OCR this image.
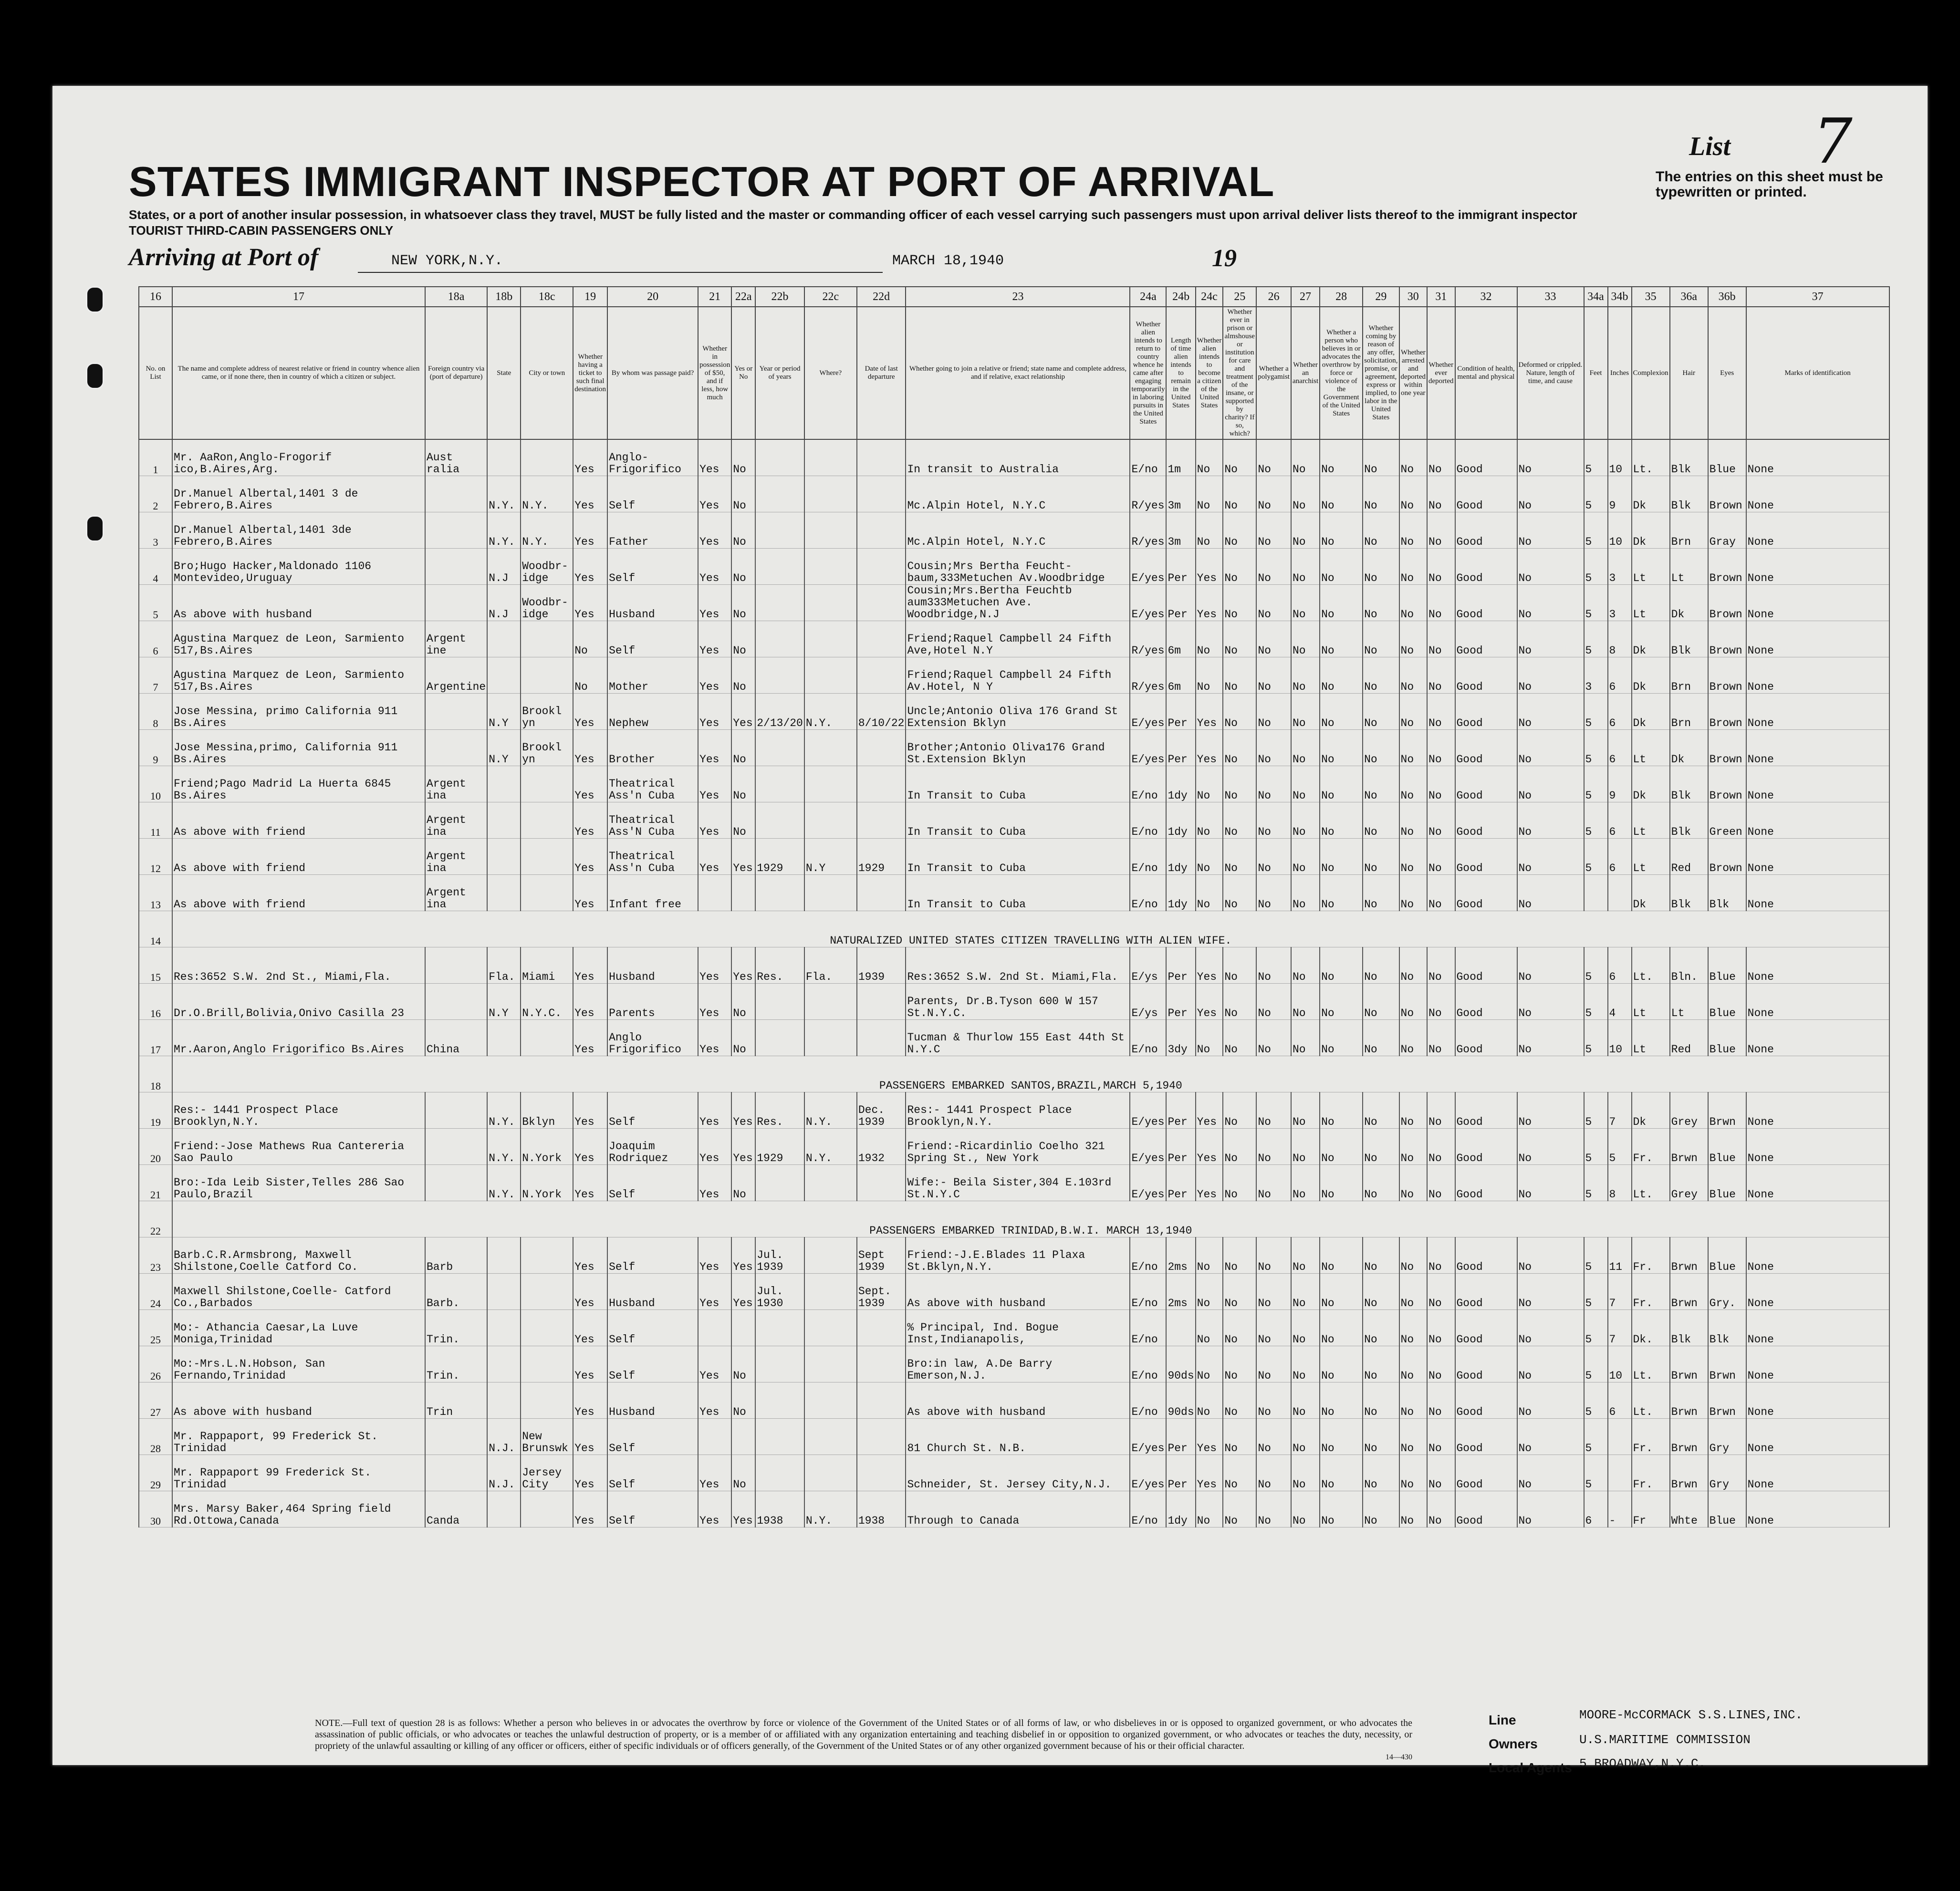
List 7
The entries on this sheet must be typewritten or printed.
STATES IMMIGRANT INSPECTOR AT PORT OF ARRIVAL
States, or a port of another insular possession, in whatsoever class they travel, MUST be fully listed and the master or commanding officer of each vessel carrying such passengers must upon arrival deliver lists thereof to the immigrant inspector
TOURIST THIRD-CABIN PASSENGERS ONLY
Arriving at Port of	NEW YORK,N.Y.	MARCH 18,1940	19
16	17	18a	18b	18c	19	20	21	22a	22b	22c	22d	23	24a	24b	24c	25	26	27	28	29	30	31	32	33	34a	34b	35	36a	36b	37
No. on List	The name and complete address of nearest relative or friend in country whence alien came, or if none there, then in country of which a citizen or subject.	Foreign country via (port of departure)	State	City or town	Whether having a ticket to such final destination	By whom was passage paid?	Whether in possession of $50, and if less, how much	Yes or No	Year or period of years	Where?	Date of last departure	Whether going to join a relative or friend; state name and complete address, and if relative, exact relationship	Whether alien intends to return to country whence he came after engaging temporarily in laboring pursuits in the United States	Length of time alien intends to remain in the United States	Whether alien intends to become a citizen of the United States	Whether ever in prison or almshouse or institution for care and treatment of the insane, or supported by charity? If so, which?	Whether a polygamist	Whether an anarchist	Whether a person who believes in or advocates the overthrow by force or violence of the Government of the United States	Whether coming by reason of any offer, solicitation, promise, or agreement, express or implied, to labor in the United States	Whether arrested and deported within one year	Whether ever deported	Condition of health, mental and physical	Deformed or crippled. Nature, length of time, and cause	Feet	Inches	Complexion	Hair	Eyes	Marks of identification
1	Mr. AaRon,Anglo-Frogorif ico,B.Aires,Arg.	Aust ralia			Yes	Anglo- Frigorifico	Yes	No				In transit to Australia	E/no	1m	No	No	No	No	No	No	No	No	Good	No	5	10	Lt.	Blk	Blue	None
2	Dr.Manuel Albertal,1401 3 de Febrero,B.Aires		N.Y.	N.Y.	Yes	Self	Yes	No				Mc.Alpin Hotel, N.Y.C	R/yes	3m	No	No	No	No	No	No	No	No	Good	No	5	9	Dk	Blk	Brown	None
3	Dr.Manuel Albertal,1401 3de Febrero,B.Aires		N.Y.	N.Y.	Yes	Father	Yes	No				Mc.Alpin Hotel, N.Y.C	R/yes	3m	No	No	No	No	No	No	No	No	Good	No	5	10	Dk	Brn	Gray	None
4	Bro;Hugo Hacker,Maldonado 1106 Montevideo,Uruguay		N.J	Woodbr- idge	Yes	Self	Yes	No				Cousin;Mrs Bertha Feucht- baum,333Metuchen Av.Woodbridge	E/yes	Per	Yes	No	No	No	No	No	No	No	Good	No	5	3	Lt	Lt	Brown	None
5	As above with husband		N.J	Woodbr- idge	Yes	Husband	Yes	No				Cousin;Mrs.Bertha Feuchtb aum333Metuchen Ave. Woodbridge,N.J	E/yes	Per	Yes	No	No	No	No	No	No	No	Good	No	5	3	Lt	Dk	Brown	None
6	Agustina Marquez de Leon, Sarmiento 517,Bs.Aires	Argent ine			No	Self	Yes	No				Friend;Raquel Campbell 24 Fifth Ave,Hotel N.Y	R/yes	6m	No	No	No	No	No	No	No	No	Good	No	5	8	Dk	Blk	Brown	None
7	Agustina Marquez de Leon, Sarmiento 517,Bs.Aires	Argentine			No	Mother	Yes	No				Friend;Raquel Campbell 24 Fifth Av.Hotel, N Y	R/yes	6m	No	No	No	No	No	No	No	No	Good	No	3	6	Dk	Brn	Brown	None
8	Jose Messina, primo California 911 Bs.Aires		N.Y	Brookl yn	Yes	Nephew	Yes	Yes	2/13/20	N.Y.	8/10/22	Uncle;Antonio Oliva 176 Grand St Extension Bklyn	E/yes	Per	Yes	No	No	No	No	No	No	No	Good	No	5	6	Dk	Brn	Brown	None
9	Jose Messina,primo, California 911 Bs.Aires		N.Y	Brookl yn	Yes	Brother	Yes	No				Brother;Antonio Oliva176 Grand St.Extension Bklyn	E/yes	Per	Yes	No	No	No	No	No	No	No	Good	No	5	6	Lt	Dk	Brown	None
10	Friend;Pago Madrid La Huerta 6845 Bs.Aires	Argent ina			Yes	Theatrical Ass'n Cuba	Yes	No				In Transit to Cuba	E/no	1dy	No	No	No	No	No	No	No	No	Good	No	5	9	Dk	Blk	Brown	None
11	As above with friend	Argent ina			Yes	Theatrical Ass'N Cuba	Yes	No				In Transit to Cuba	E/no	1dy	No	No	No	No	No	No	No	No	Good	No	5	6	Lt	Blk	Green	None
12	As above with friend	Argent ina			Yes	Theatrical Ass'n Cuba	Yes	Yes	1929	N.Y	1929	In Transit to Cuba	E/no	1dy	No	No	No	No	No	No	No	No	Good	No	5	6	Lt	Red	Brown	None
13	As above with friend	Argent ina			Yes	Infant free						In Transit to Cuba	E/no	1dy	No	No	No	No	No	No	No	No	Good	No			Dk	Blk	Blk	None
14	NATURALIZED UNITED STATES CITIZEN TRAVELLING WITH ALIEN WIFE.																													
15	Res:3652 S.W. 2nd St., Miami,Fla.		Fla.	Miami	Yes	Husband	Yes	Yes	Res.	Fla.	1939	Res:3652 S.W. 2nd St. Miami,Fla.	E/ys	Per	Yes	No	No	No	No	No	No	No	Good	No	5	6	Lt.	Bln.	Blue	None
16	Dr.O.Brill,Bolivia,Onivo Casilla 23		N.Y	N.Y.C.	Yes	Parents	Yes	No				Parents, Dr.B.Tyson 600 W 157 St.N.Y.C.	E/ys	Per	Yes	No	No	No	No	No	No	No	Good	No	5	4	Lt	Lt	Blue	None
17	Mr.Aaron,Anglo Frigorifico Bs.Aires	China			Yes	Anglo Frigorifico	Yes	No				Tucman & Thurlow 155 East 44th St N.Y.C	E/no	3dy	No	No	No	No	No	No	No	No	Good	No	5	10	Lt	Red	Blue	None
18	PASSENGERS EMBARKED SANTOS,BRAZIL,MARCH 5,1940																													
19	Res:- 1441 Prospect Place Brooklyn,N.Y.		N.Y.	Bklyn	Yes	Self	Yes	Yes	Res.	N.Y.	Dec. 1939	Res:- 1441 Prospect Place Brooklyn,N.Y.	E/yes	Per	Yes	No	No	No	No	No	No	No	Good	No	5	7	Dk	Grey	Brwn	None
20	Friend:-Jose Mathews Rua Cantereria Sao Paulo		N.Y.	N.York	Yes	Joaquim Rodriquez	Yes	Yes	1929	N.Y.	1932	Friend:-Ricardinlio Coelho 321 Spring St., New York	E/yes	Per	Yes	No	No	No	No	No	No	No	Good	No	5	5	Fr.	Brwn	Blue	None
21	Bro:-Ida Leib Sister,Telles 286 Sao Paulo,Brazil		N.Y.	N.York	Yes	Self	Yes	No				Wife:- Beila Sister,304 E.103rd St.N.Y.C	E/yes	Per	Yes	No	No	No	No	No	No	No	Good	No	5	8	Lt.	Grey	Blue	None
22	PASSENGERS EMBARKED TRINIDAD,B.W.I. MARCH 13,1940																													
23	Barb.C.R.Armsbrong, Maxwell Shilstone,Coelle Catford Co.	Barb			Yes	Self	Yes	Yes	Jul. 1939		Sept 1939	Friend:-J.E.Blades 11 Plaxa St.Bklyn,N.Y.	E/no	2ms	No	No	No	No	No	No	No	No	Good	No	5	11	Fr.	Brwn	Blue	None
24	Maxwell Shilstone,Coelle- Catford Co.,Barbados	Barb.			Yes	Husband	Yes	Yes	Jul. 1930		Sept. 1939	As above with husband	E/no	2ms	No	No	No	No	No	No	No	No	Good	No	5	7	Fr.	Brwn	Gry.	None
25	Mo:- Athancia Caesar,La Luve Moniga,Trinidad	Trin.			Yes	Self						% Principal, Ind. Bogue Inst,Indianapolis,	E/no		No	No	No	No	No	No	No	No	Good	No	5	7	Dk.	Blk	Blk	None
26	Mo:-Mrs.L.N.Hobson, San Fernando,Trinidad	Trin.			Yes	Self	Yes	No				Bro:in law, A.De Barry Emerson,N.J.	E/no	90ds	No	No	No	No	No	No	No	No	Good	No	5	10	Lt.	Brwn	Brwn	None
27	As above with husband	Trin			Yes	Husband	Yes	No				As above with husband	E/no	90ds	No	No	No	No	No	No	No	No	Good	No	5	6	Lt.	Brwn	Brwn	None
28	Mr. Rappaport, 99 Frederick St. Trinidad		N.J.	New Brunswk	Yes	Self						81 Church St. N.B.	E/yes	Per	Yes	No	No	No	No	No	No	No	Good	No	5		Fr.	Brwn	Gry	None
29	Mr. Rappaport 99 Frederick St. Trinidad		N.J.	Jersey City	Yes	Self	Yes	No				Schneider, St. Jersey City,N.J.	E/yes	Per	Yes	No	No	No	No	No	No	No	Good	No	5		Fr.	Brwn	Gry	None
30	Mrs. Marsy Baker,464 Spring field Rd.Ottowa,Canada	Canda			Yes	Self	Yes	Yes	1938	N.Y.	1938	Through to Canada	E/no	1dy	No	No	No	No	No	No	No	No	Good	No	6	-	Fr	Whte	Blue	None
NOTE.—Full text of question 28 is as follows: Whether a person who believes in or advocates the overthrow by force or violence of the Government of the United States or of all forms of law, or who disbelieves in or is opposed to organized government, or who advocates the assassination of public officials, or who advocates or teaches the unlawful destruction of property, or is a member of or affiliated with any organization entertaining and teaching disbelief in or opposition to organized government, or who advocates or teaches the duty, necessity, or propriety of the unlawful assaulting or killing of any officer or officers, either of specific individuals or of officers generally, of the Government of the United States or of any other organized government because of his or their official character.
14—430
Line	MOORE-McCORMACK S.S.LINES,INC.
Owners	U.S.MARITIME COMMISSION
Local Agents 5 BROADWAY,N.Y.C.
